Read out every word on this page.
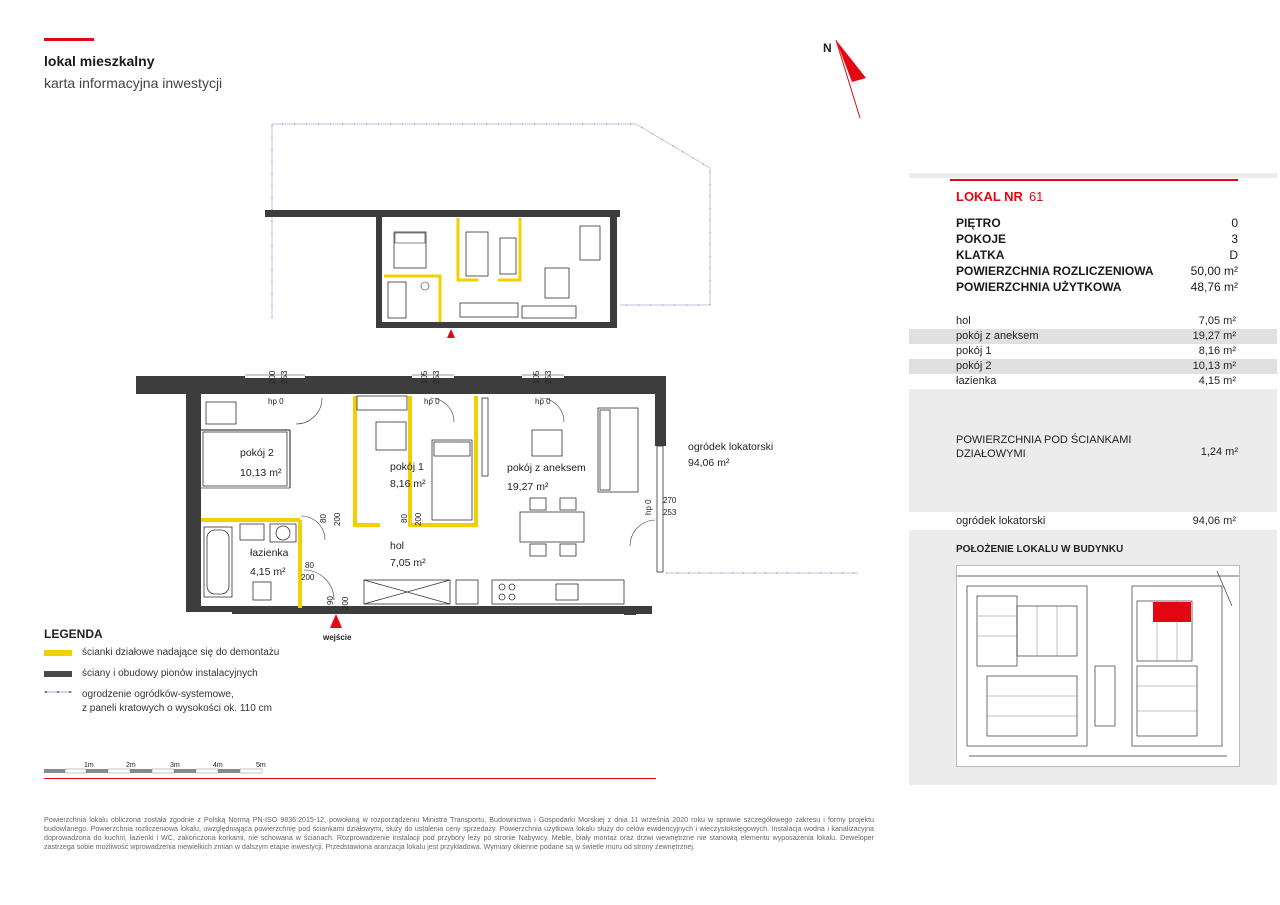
lokal mieszkalny
karta informacyjna inwestycji
N
pokój 2
10,13 m²	pokój 1
8,16 m²
pokój z aneksem
19,27 m²
łazienka
4,15 m²
hol
7,05 m²
ogródek lokatorski
94,06 m²
200 253
hp 0
105 253
hp 0
105 253
hp 0
hp 0 270
253
80 200	80 200
80
200
90 200
wejście
1m	2m	3m	4m	5m
LEGENDA
ścianki działowe nadające się do demontażu
ściany i obudowy pionów instalacyjnych
ogrodzenie ogródków-systemowe,
z paneli kratowych o wysokości ok. 110 cm
Powierzchnia lokalu obliczona została zgodnie z Polską Normą PN-ISO 9836:2015-12, powołaną w rozporządzeniu Ministra Transportu, Budownictwa i Gospodarki Morskiej z dnia 11 września 2020 roku w sprawie szczegółowego zakresu i formy projektu budowlanego. Powierzchnia rozliczeniowa lokalu, uwzględniająca powierzchnię pod ściankami działowymi, służy do ustalenia ceny sprzedaży. Powierzchnia użytkowa lokalu służy do celów ewidencyjnych i wieczystoksięgowych. Instalacja wodna i kanalizacyjna doprowadzona do kuchni, łazienki i WC, zakończona korkami, nie schowana w ścianach. Rozprowadzenie instalacji pod przybory leży po stronie Nabywcy. Meble, biały montaż oraz drzwi wewnętrzne nie stanowią elementu wyposażenia lokalu. Deweloper zastrzega sobie możliwość wprowadzenia niewielkich zmian w dalszym etapie inwestycji. Przedstawiona aranżacja lokalu jest przykładowa. Wymiary okienne podane są w świetle muru od strony zewnętrznej.
LOKAL NR 61
PIĘTRO	0
POKOJE	3
KLATKA	D
POWIERZCHNIA ROZLICZENIOWA	50,00 m²
POWIERZCHNIA UŻYTKOWA	48,76 m²
hol	7,05 m²
pokój z aneksem	19,27 m²
pokój 1	8,16 m²
pokój 2	10,13 m²
łazienka	4,15 m²
POWIERZCHNIA POD ŚCIANKAMI
DZIAŁOWYMI	1,24 m²
ogródek lokatorski	94,06 m²
POŁOŻENIE LOKALU W BUDYNKU
